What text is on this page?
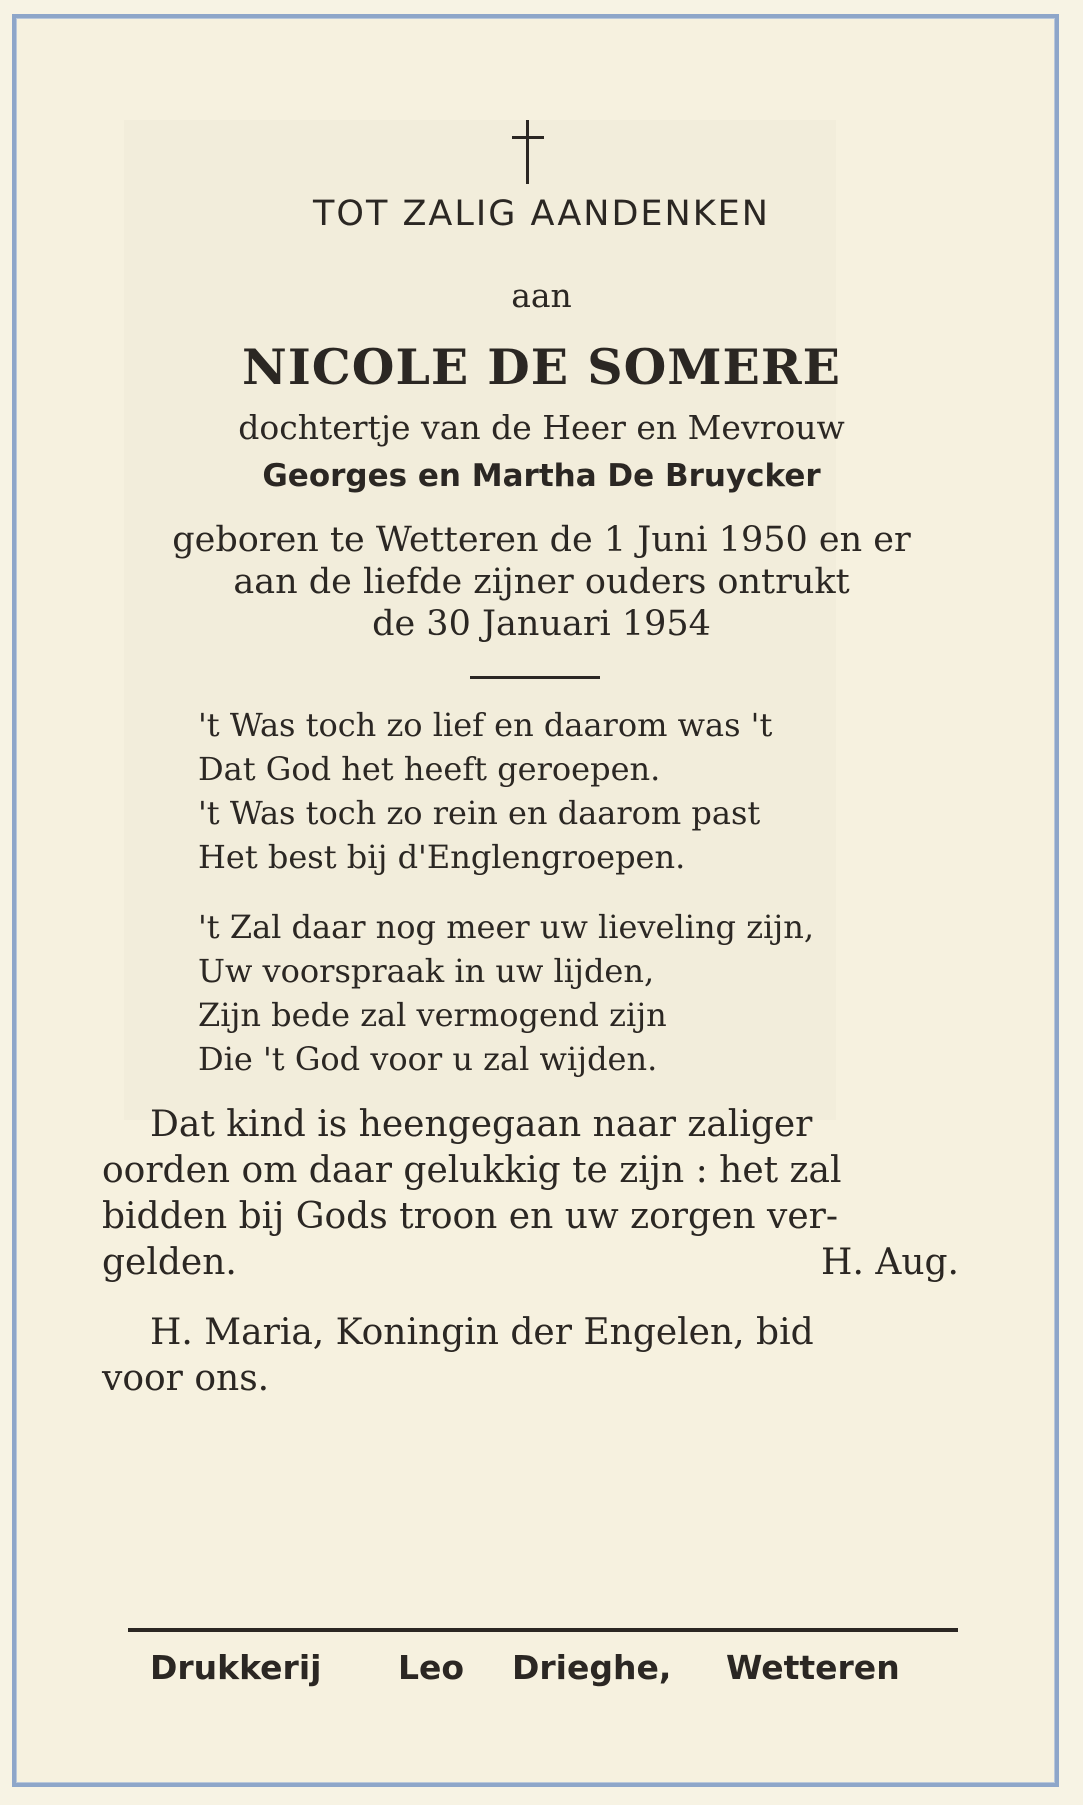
TOT ZALIG AANDENKEN
aan
NICOLE DE SOMERE
dochtertje van de Heer en Mevrouw
Georges en Martha De Bruycker
geboren te Wetteren de 1 Juni 1950 en er
aan de liefde zijner ouders ontrukt
de 30 Januari 1954
't Was toch zo lief en daarom was 't
Dat God het heeft geroepen.
't Was toch zo rein en daarom past
Het best bij d'Englengroepen.
't Zal daar nog meer uw lieveling zijn,
Uw voorspraak in uw lijden,
Zijn bede zal vermogend zijn
Die 't God voor u zal wijden.
Dat kind is heengegaan naar zaliger
oorden om daar gelukkig te zijn : het zal
bidden bij Gods troon en uw zorgen ver-
gelden.	H. Aug.
H. Maria, Koningin der Engelen, bid
voor ons.
Drukkerij Leo Drieghe, Wetteren
